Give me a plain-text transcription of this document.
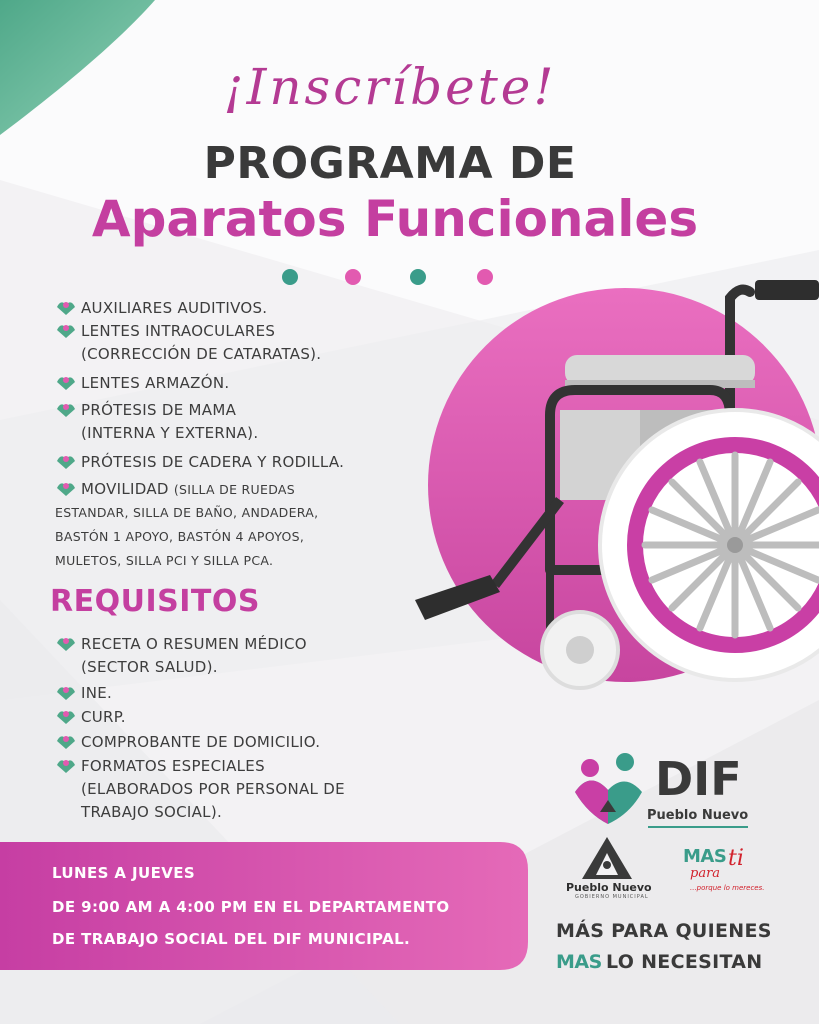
¡Inscríbete!
PROGRAMA DE
Aparatos Funcionales
AUXILIARES AUDITIVOS.
LENTES INTRAOCULARES
(CORRECCIÓN DE CATARATAS).
LENTES ARMAZÓN.
PRÓTESIS DE MAMA
(INTERNA Y EXTERNA).
PRÓTESIS DE CADERA Y RODILLA.
MOVILIDAD (SILLA DE RUEDAS
ESTANDAR, SILLA DE BAÑO, ANDADERA,
BASTÓN 1 APOYO, BASTÓN 4 APOYOS,
MULETOS, SILLA PCI Y SILLA PCA.
REQUISITOS
RECETA O RESUMEN MÉDICO
(SECTOR SALUD).
INE.
CURP.
COMPROBANTE DE DOMICILIO.
FORMATOS ESPECIALES
(ELABORADOS POR PERSONAL DE
TRABAJO SOCIAL).
LUNES A JUEVES
DE 9:00 AM A 4:00 PM EN EL DEPARTAMENTO
DE TRABAJO SOCIAL DEL DIF MUNICIPAL.
DIF
Pueblo Nuevo
Pueblo Nuevo
GOBIERNO MUNICIPAL
MAS ti
para
...porque lo mereces.
MÁS PARA QUIENES
MAS LO NECESITAN
